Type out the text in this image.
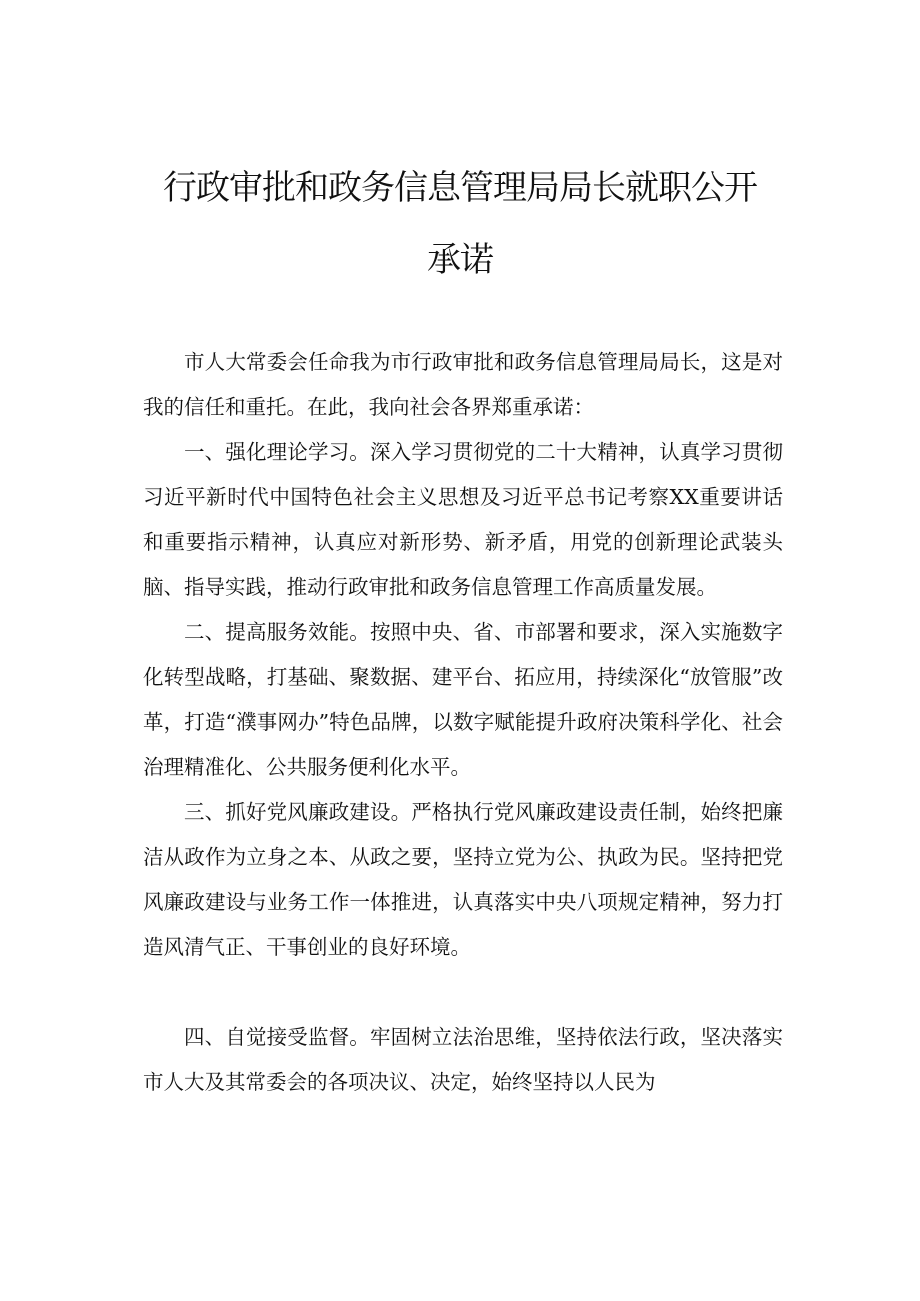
行政审批和政务信息管理局局长就职公开
承诺

市人大常委会任命我为市行政审批和政务信息管理局局长，这是对我的信任和重托。在此，我向社会各界郑重承诺：

一、强化理论学习。深入学习贯彻党的二十大精神，认真学习贯彻习近平新时代中国特色社会主义思想及习近平总书记考察XX重要讲话和重要指示精神，认真应对新形势、新矛盾，用党的创新理论武装头脑、指导实践，推动行政审批和政务信息管理工作高质量发展。

二、提高服务效能。按照中央、省、市部署和要求，深入实施数字化转型战略，打基础、聚数据、建平台、拓应用，持续深化“放管服”改革，打造“濮事网办”特色品牌，以数字赋能提升政府决策科学化、社会治理精准化、公共服务便利化水平。

三、抓好党风廉政建设。严格执行党风廉政建设责任制，始终把廉洁从政作为立身之本、从政之要，坚持立党为公、执政为民。坚持把党风廉政建设与业务工作一体推进，认真落实中央八项规定精神，努力打造风清气正、干事创业的良好环境。

四、自觉接受监督。牢固树立法治思维，坚持依法行政，坚决落实市人大及其常委会的各项决议、决定，始终坚持以人民为
